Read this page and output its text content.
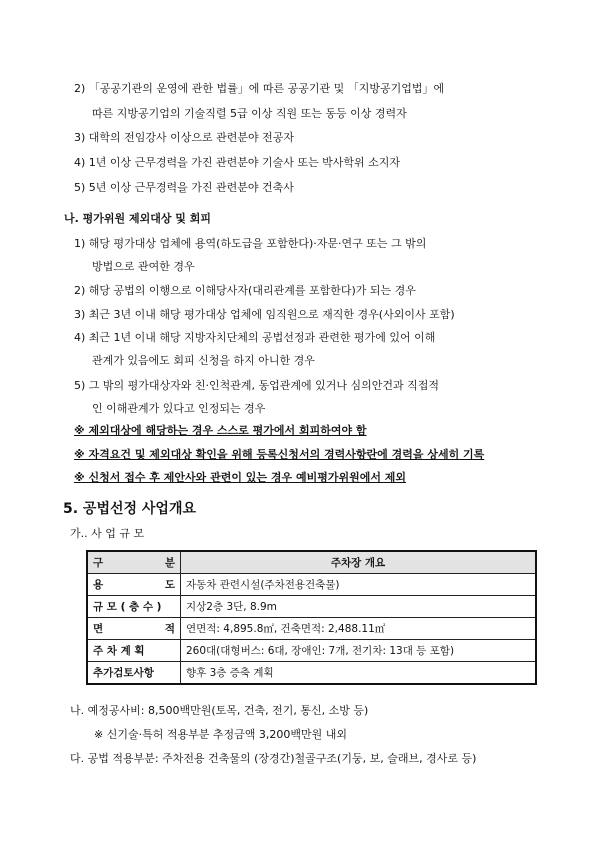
2) 「공공기관의 운영에 관한 법률」에 따른 공공기관 및 「지방공기업법」에
따른 지방공기업의 기술직렬 5급 이상 직원 또는 동등 이상 경력자
3) 대학의 전임강사 이상으로 관련분야 전공자
4) 1년 이상 근무경력을 가진 관련분야 기술사 또는 박사학위 소지자
5) 5년 이상 근무경력을 가진 관련분야 건축사
나. 평가위원 제외대상 및 회피
1) 해당 평가대상 업체에 용역(하도급을 포함한다)·자문·연구 또는 그 밖의
방법으로 관여한 경우
2) 해당 공법의 이행으로 이해당사자(대리관계를 포함한다)가 되는 경우
3) 최근 3년 이내 해당 평가대상 업체에 임직원으로 재직한 경우(사외이사 포함)
4) 최근 1년 이내 해당 지방자치단체의 공법선정과 관련한 평가에 있어 이해
관계가 있음에도 회피 신청을 하지 아니한 경우
5) 그 밖의 평가대상자와 친·인척관계, 동업관계에 있거나 심의안건과 직접적
인 이해관계가 있다고 인정되는 경우
※ 제외대상에 해당하는 경우 스스로 평가에서 회피하여야 함
※ 자격요건 및 제외대상 확인을 위해 등록신청서의 경력사항란에 경력을 상세히 기록
※ 신청서 접수 후 제안사와 관련이 있는 경우 예비평가위원에서 제외
5. 공법선정 사업개요
가.. 사 업 규 모
구 분	주차장 개요

용 도	자동차 관련시설(주차전용건축물)
규 모 ( 층 수 )	지상2층 3단, 8.9m

면 적	연면적: 4,895.8㎡, 건축면적: 2,488.11㎡
주 차 계 획	260대(대형버스: 6대, 장애인: 7개, 전기차: 13대 등 포함)
추가검토사항	향후 3층 증축 계획
나. 예정공사비: 8,500백만원(토목, 건축, 전기, 통신, 소방 등)
※ 신기술·특허 적용부분 추정금액 3,200백만원 내외
다. 공법 적용부분: 주차전용 건축물의 (장경간)철골구조(기둥, 보, 슬래브, 경사로 등)
